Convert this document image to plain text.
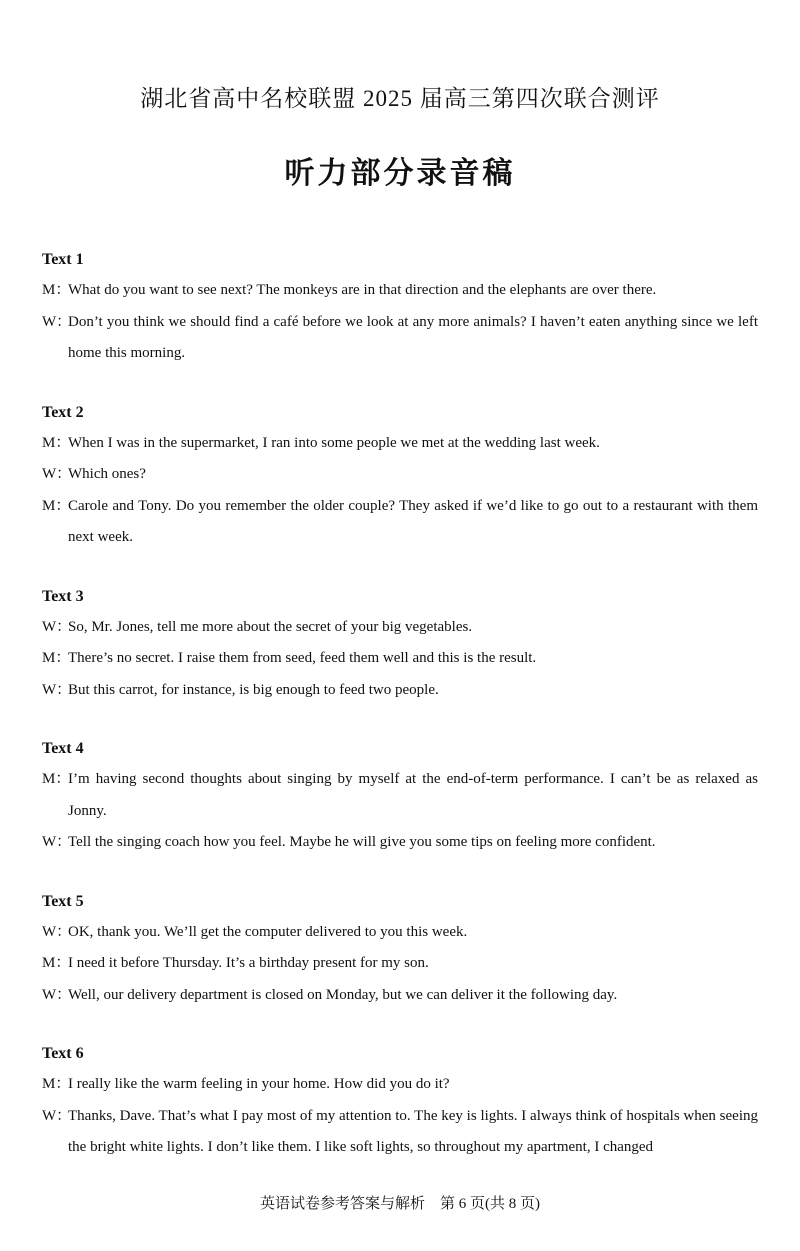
湖北省高中名校联盟 2025 届高三第四次联合测评
听力部分录音稿
Text 1
M：
What do you want to see next? The monkeys are in that direction and the elephants are over there.
W：
Don’t you think we should find a café before we look at any more animals? I haven’t eaten anything since we left home this morning.
Text 2
M：
When I was in the supermarket, I ran into some people we met at the wedding last week.
W：
Which ones?
M：
Carole and Tony. Do you remember the older couple? They asked if we’d like to go out to a restaurant with them next week.
Text 3
W：
So, Mr. Jones, tell me more about the secret of your big vegetables.
M：
There’s no secret. I raise them from seed, feed them well and this is the result.
W：
But this carrot, for instance, is big enough to feed two people.
Text 4
M：
I’m having second thoughts about singing by myself at the end-of-term performance. I can’t be as relaxed as Jonny.
W：
Tell the singing coach how you feel. Maybe he will give you some tips on feeling more confident.
Text 5
W：
OK, thank you. We’ll get the computer delivered to you this week.
M：
I need it before Thursday. It’s a birthday present for my son.
W：
Well, our delivery department is closed on Monday, but we can deliver it the following day.
Text 6
M：
I really like the warm feeling in your home. How did you do it?
W：
Thanks, Dave. That’s what I pay most of my attention to. The key is lights. I always think of hospitals when seeing the bright white lights. I don’t like them. I like soft lights, so throughout my apartment, I changed
英语试卷参考答案与解析　第 6 页(共 8 页)
